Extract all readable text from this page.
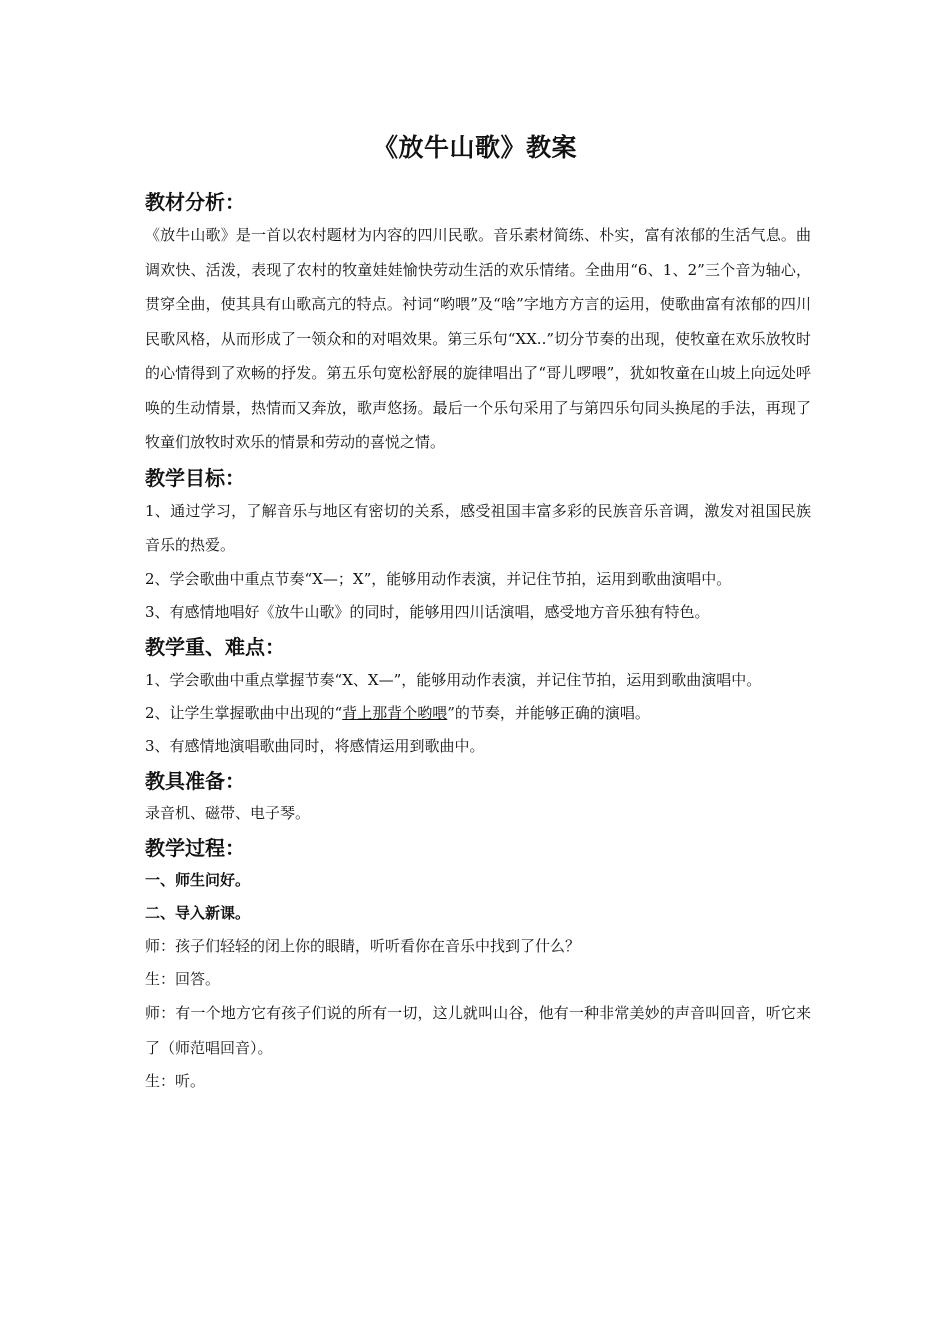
《放牛山歌》教案
教材分析：

《放牛山歌》是一首以农村题材为内容的四川民歌。音乐素材简练、朴实，富有浓郁的生活气息。曲调欢快、活泼，表现了农村的牧童娃娃愉快劳动生活的欢乐情绪。全曲用“6、1、2”三个音为轴心，贯穿全曲，使其具有山歌高亢的特点。衬词“哟喂”及“啥”字地方方言的运用，使歌曲富有浓郁的四川民歌风格，从而形成了一领众和的对唱效果。第三乐句“XX..”切分节奏的出现，使牧童在欢乐放牧时的心情得到了欢畅的抒发。第五乐句宽松舒展的旋律唱出了“哥儿啰喂”，犹如牧童在山坡上向远处呼唤的生动情景，热情而又奔放，歌声悠扬。最后一个乐句采用了与第四乐句同头换尾的手法，再现了牧童们放牧时欢乐的情景和劳动的喜悦之情。

教学目标：

1、通过学习，了解音乐与地区有密切的关系，感受祖国丰富多彩的民族音乐音调，激发对祖国民族音乐的热爱。

2、学会歌曲中重点节奏“X—；X”，能够用动作表演，并记住节拍，运用到歌曲演唱中。

3、有感情地唱好《放牛山歌》的同时，能够用四川话演唱，感受地方音乐独有特色。

教学重、难点：

1、学会歌曲中重点掌握节奏“X、X—”，能够用动作表演，并记住节拍，运用到歌曲演唱中。

2、让学生掌握歌曲中出现的“背上那背个哟喂”的节奏，并能够正确的演唱。

3、有感情地演唱歌曲同时，将感情运用到歌曲中。

教具准备：

录音机、磁带、电子琴。

教学过程：

一、师生问好。

二、导入新课。

师：孩子们轻轻的闭上你的眼睛，听听看你在音乐中找到了什么？

生：回答。

师：有一个地方它有孩子们说的所有一切，这儿就叫山谷，他有一种非常美妙的声音叫回音，听它来了（师范唱回音）。

生：听。
